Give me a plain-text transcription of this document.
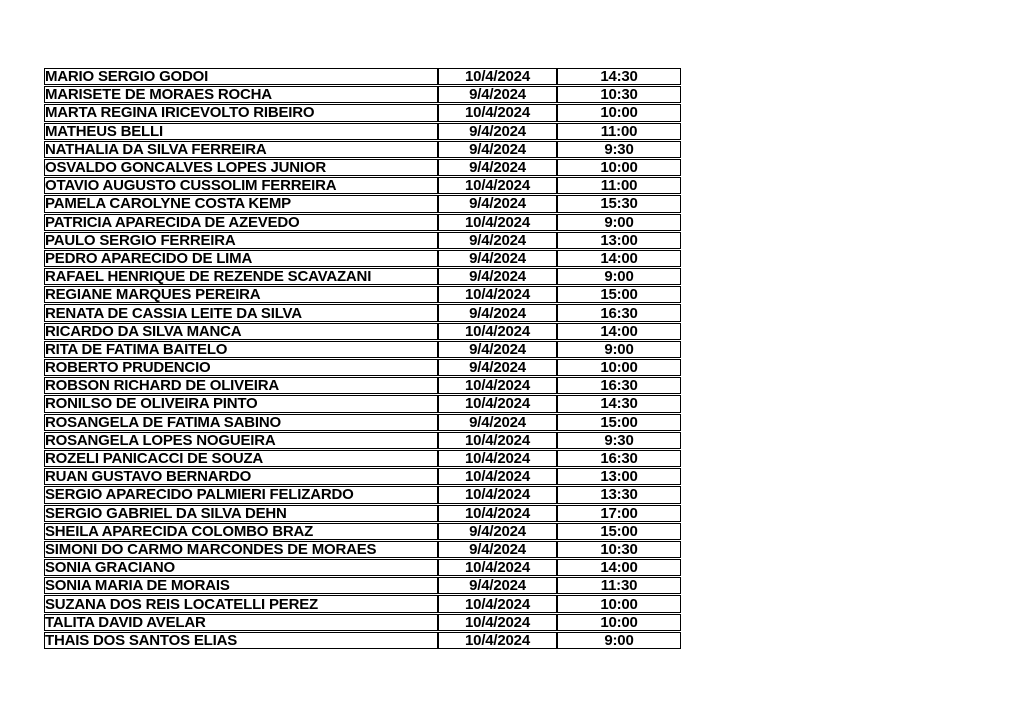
MARIO SERGIO GODOI	10/4/2024	14:30
MARISETE DE MORAES ROCHA	9/4/2024	10:30
MARTA REGINA IRICEVOLTO RIBEIRO	10/4/2024	10:00
MATHEUS BELLI	9/4/2024	11:00
NATHALIA DA SILVA FERREIRA	9/4/2024	9:30
OSVALDO GONCALVES LOPES JUNIOR	9/4/2024	10:00
OTAVIO AUGUSTO CUSSOLIM FERREIRA	10/4/2024	11:00
PAMELA CAROLYNE COSTA KEMP	9/4/2024	15:30
PATRICIA APARECIDA DE AZEVEDO	10/4/2024	9:00
PAULO SERGIO FERREIRA	9/4/2024	13:00
PEDRO APARECIDO DE LIMA	9/4/2024	14:00
RAFAEL HENRIQUE DE REZENDE SCAVAZANI	9/4/2024	9:00
REGIANE MARQUES PEREIRA	10/4/2024	15:00
RENATA DE CASSIA LEITE DA SILVA	9/4/2024	16:30
RICARDO DA SILVA MANCA	10/4/2024	14:00
RITA DE FATIMA BAITELO	9/4/2024	9:00
ROBERTO PRUDENCIO	9/4/2024	10:00
ROBSON RICHARD DE OLIVEIRA	10/4/2024	16:30
RONILSO DE OLIVEIRA PINTO	10/4/2024	14:30
ROSANGELA DE FATIMA SABINO	9/4/2024	15:00
ROSANGELA LOPES NOGUEIRA	10/4/2024	9:30
ROZELI PANICACCI DE SOUZA	10/4/2024	16:30
RUAN GUSTAVO BERNARDO	10/4/2024	13:00
SERGIO APARECIDO PALMIERI FELIZARDO	10/4/2024	13:30
SERGIO GABRIEL DA SILVA DEHN	10/4/2024	17:00
SHEILA APARECIDA COLOMBO BRAZ	9/4/2024	15:00
SIMONI DO CARMO MARCONDES DE MORAES	9/4/2024	10:30
SONIA GRACIANO	10/4/2024	14:00
SONIA MARIA DE MORAIS	9/4/2024	11:30
SUZANA DOS REIS LOCATELLI PEREZ	10/4/2024	10:00
TALITA DAVID AVELAR	10/4/2024	10:00
THAIS DOS SANTOS ELIAS	10/4/2024	9:00
